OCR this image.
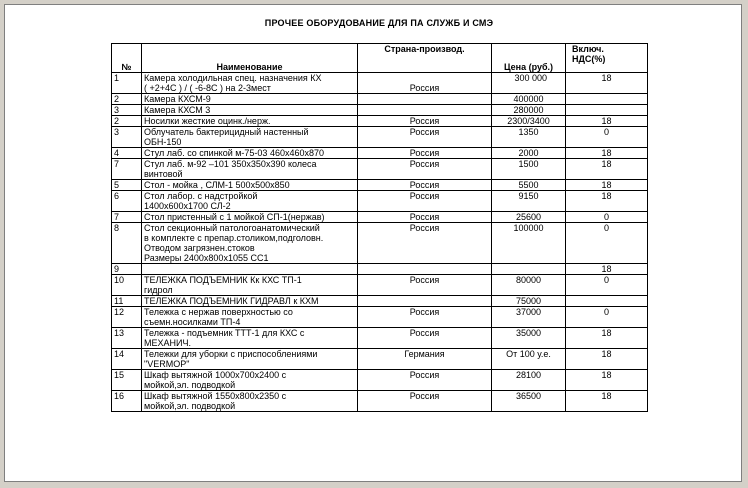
ПРОЧЕЕ ОБОРУДОВАНИЕ ДЛЯ ПА СЛУЖБ И СМЭ
№	Наименование	Страна-производ.	Цена (руб.)	Включ.
НДС(%)

1	Камера холодильная спец. назначения КХ
( +2+4С ) / ( -6-8С ) на 2-3мест	Россия	300 000	18

2	Камера КХСМ-9		400000	

3	Камера КХСМ 3		280000	

2	Носилки жесткие оцинк./нерж.	Россия	2300/3400	18

3	Облучатель бактерицидный настенный
ОБН-150	Россия	1350	0

4	Стул лаб. со спинкой м-75-03 460х460х870	Россия	2000	18

7	Стул лаб. м-92 –101 350х350х390 колеса
винтовой	Россия	1500	18

5	Стол - мойка , СЛМ-1 500х500х850	Россия	5500	18

6	Стол лабор. с надстройкой
1400х600х1700 СЛ-2	Россия	9150	18

7	Стол пристенный с 1 мойкой СП-1(нержав)	Россия	25600	0

8	Стол секционный патологоанатомический
в комплекте с препар.столиком,подголовн.
Отводом загрязнен.стоков
Размеры 2400х800х1055 СС1	Россия	100000	0

9				18

10	ТЕЛЕЖКА ПОДЪЕМНИК Кк КХС ТП-1
гидрол	Россия	80000	0

11	ТЕЛЕЖКА ПОДЪЕМНИК ГИДРАВЛ к КХМ		75000	

12	Тележка с нержав поверхностью со
съемн.носилками ТП-4	Россия	37000	0

13	Тележка - подъемник ТТТ-1 для КХС с
МЕХАНИЧ.	Россия	35000	18

14	Тележки для уборки с приспособлениями
"VERMOP"	Германия	От 100 у.е.	18

15	Шкаф вытяжной 1000х700х2400 с
мойкой,эл. подводкой	Россия	28100	18

16	Шкаф вытяжной 1550х800х2350 с
мойкой,эл. подводкой	Россия	36500	18
